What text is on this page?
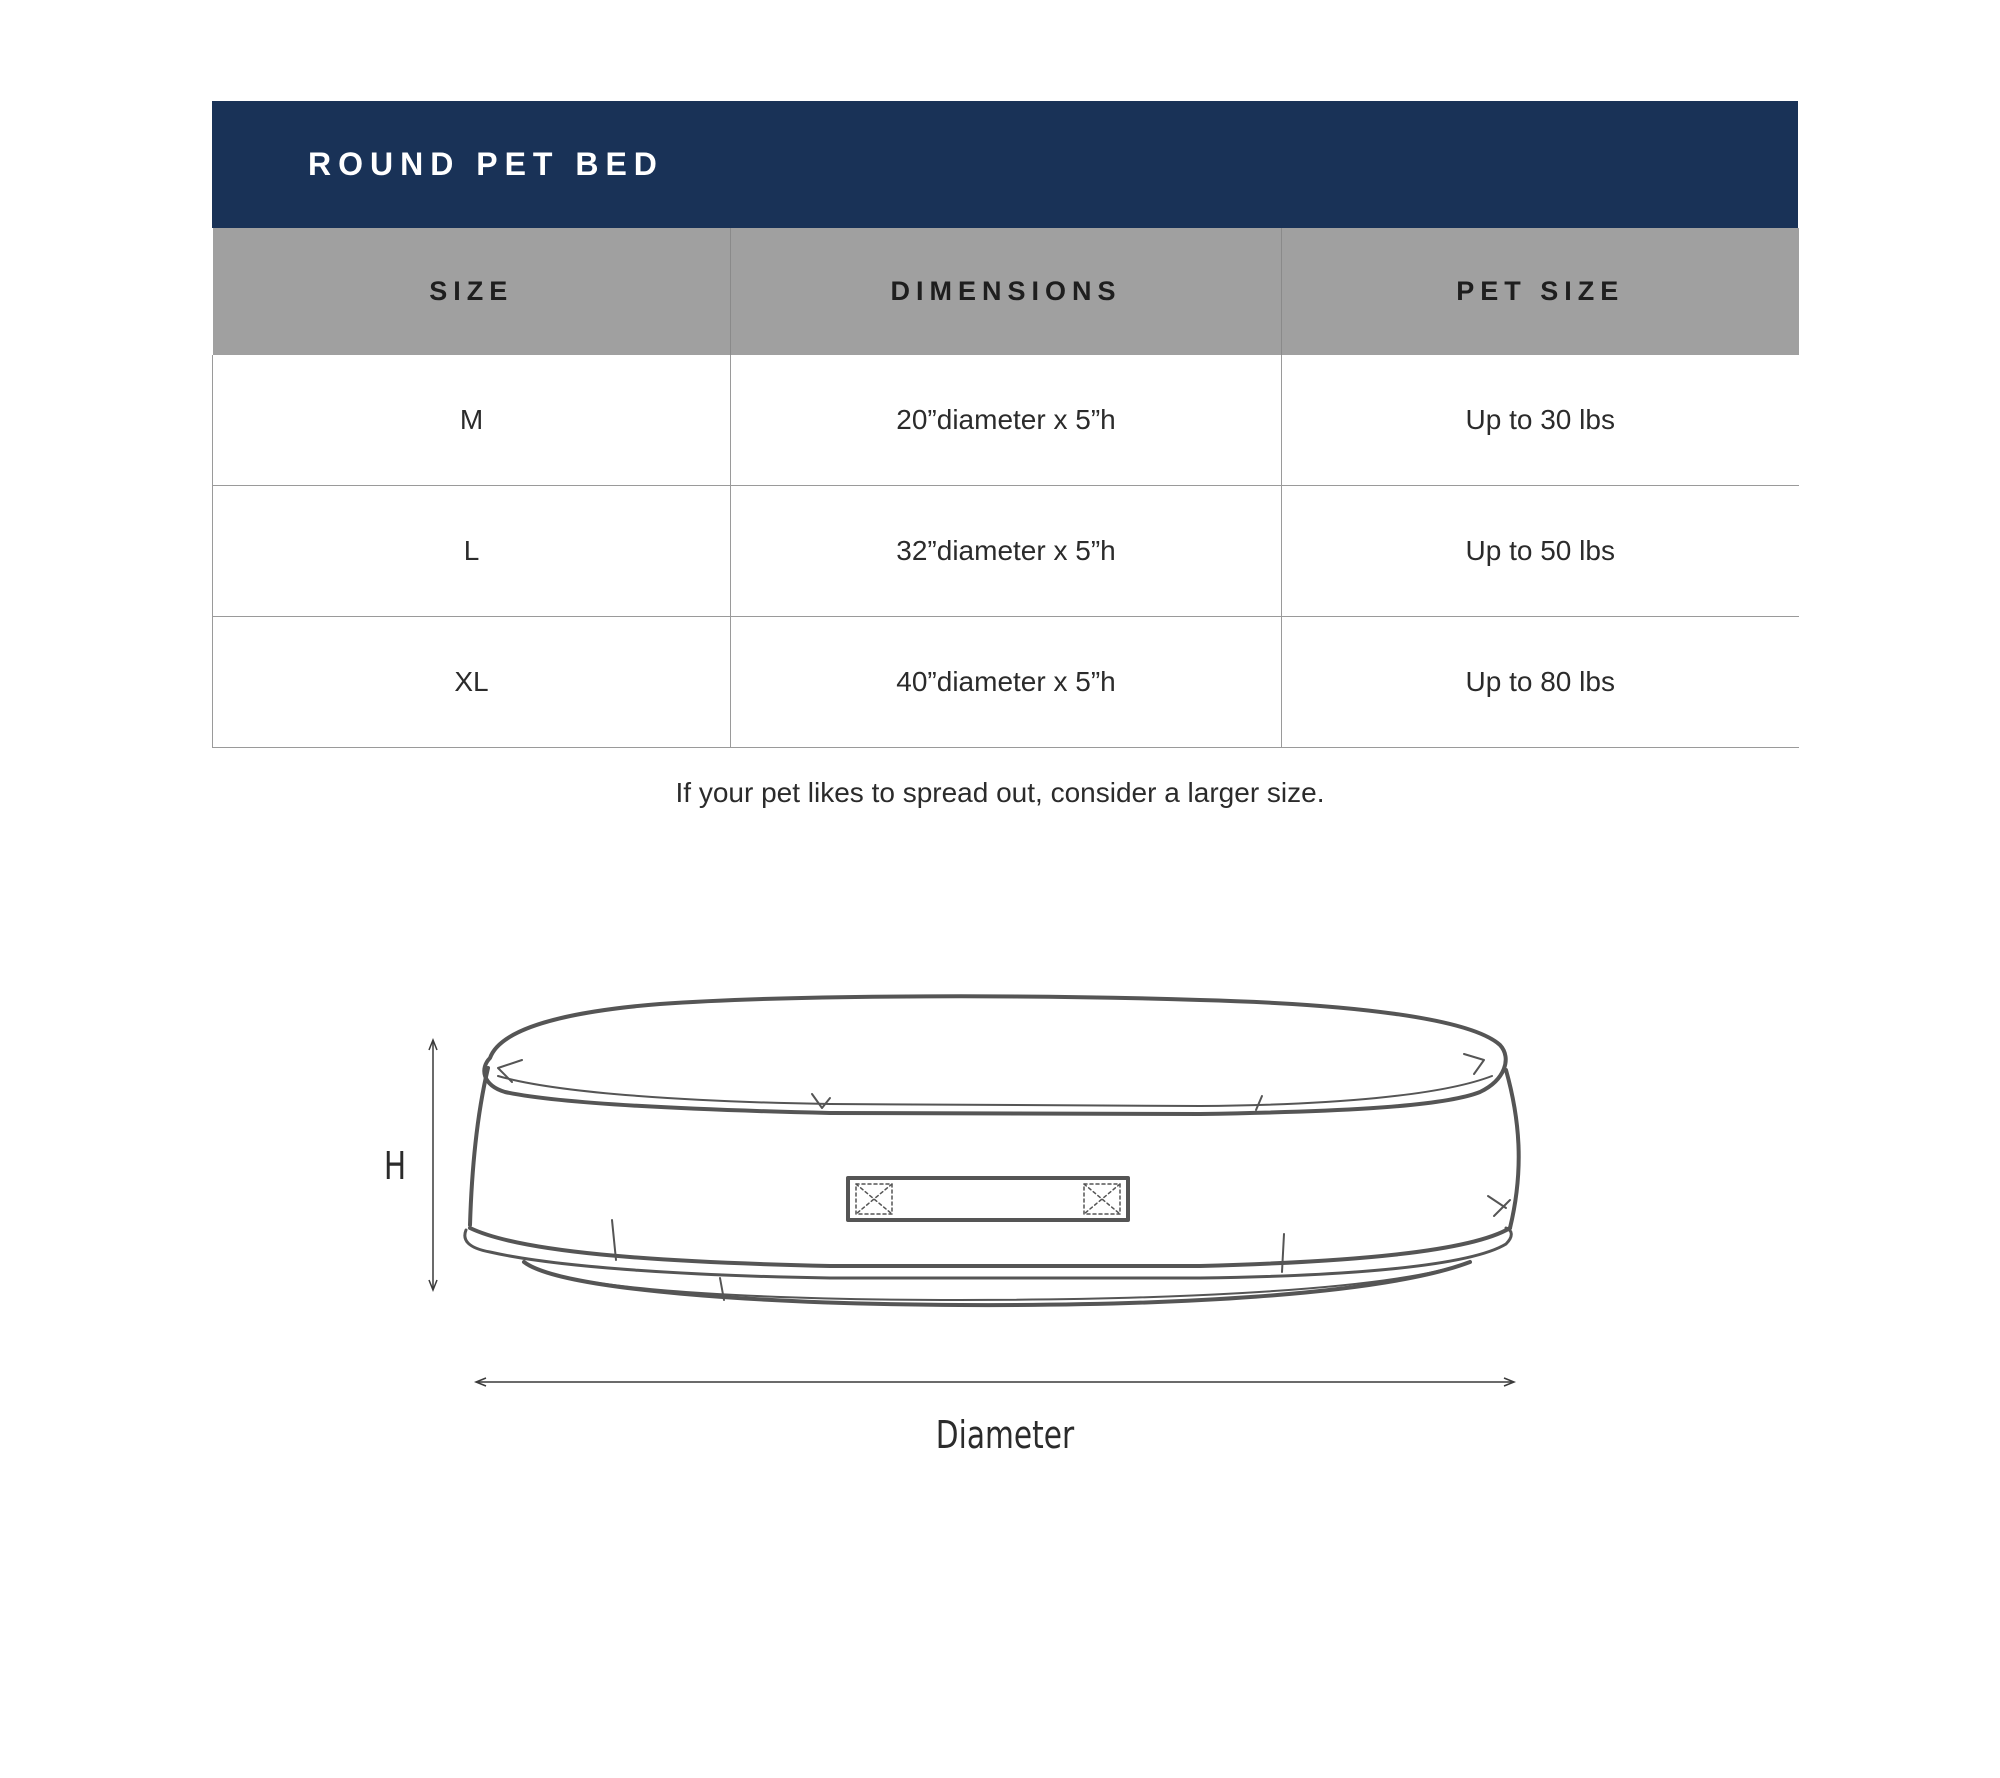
ROUND PET BED
SIZE	DIMENSIONS	PET SIZE
M	20”diameter x 5”h	Up to 30 lbs
L	32”diameter x 5”h	Up to 50 lbs
XL	40”diameter x 5”h	Up to 80 lbs
If your pet likes to spread out, consider a larger size.
H
Diameter
